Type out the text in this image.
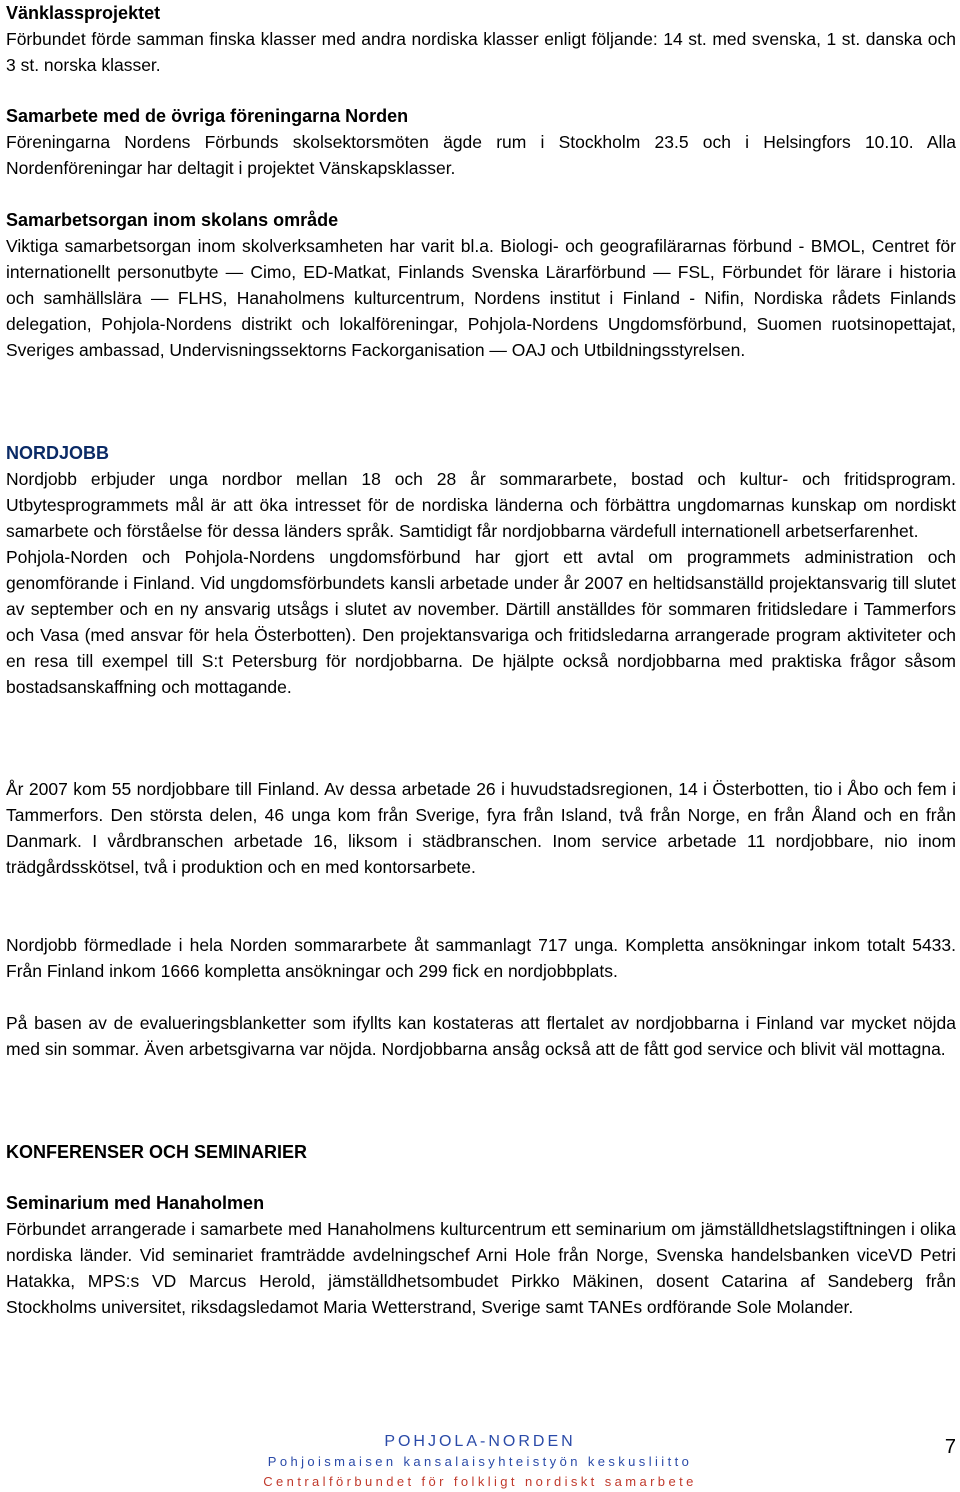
Vänklassprojektet

Förbundet förde samman finska klasser med andra nordiska klasser enligt följande: 14 st. med svenska, 1 st. danska och 3 st. norska klasser.

Samarbete med de övriga föreningarna Norden

Föreningarna Nordens Förbunds skolsektorsmöten ägde rum i Stockholm 23.5 och i Helsingfors 10.10. Alla Nordenföreningar har deltagit i projektet Vänskapsklasser.

Samarbetsorgan inom skolans område

Viktiga samarbetsorgan inom skolverksamheten har varit bl.a. Biologi- och geografilärarnas förbund - BMOL, Centret för internationellt personutbyte — Cimo, ED-Matkat, Finlands Svenska Lärarförbund — FSL, Förbundet för lärare i historia och samhällslära — FLHS, Hanaholmens kulturcentrum, Nordens institut i Finland - Nifin, Nordiska rådets Finlands delegation, Pohjola-Nordens distrikt och lokalföreningar, Pohjola-Nordens Ungdomsförbund, Suomen ruotsinopettajat, Sveriges ambassad, Undervisningssektorns Fackorganisation — OAJ och Utbildningsstyrelsen.

NORDJOBB

Nordjobb erbjuder unga nordbor mellan 18 och 28 år sommararbete, bostad och kultur- och fritidsprogram. Utbytesprogrammets mål är att öka intresset för de nordiska länderna och förbättra ungdomarnas kunskap om nordiskt samarbete och förståelse för dessa länders språk. Samtidigt får nordjobbarna värdefull internationell arbetserfarenhet.

Pohjola-Norden och Pohjola-Nordens ungdomsförbund har gjort ett avtal om programmets administration och genomförande i Finland. Vid ungdomsförbundets kansli arbetade under år 2007 en heltidsanställd projektansvarig till slutet av september och en ny ansvarig utsågs i slutet av november. Därtill anställdes för sommaren fritidsledare i Tammerfors och Vasa (med ansvar för hela Österbotten). Den projektansvariga och fritidsledarna arrangerade program aktiviteter och en resa till exempel till S:t Petersburg för nordjobbarna. De hjälpte också nordjobbarna med praktiska frågor såsom bostadsanskaffning och mottagande.

År 2007 kom 55 nordjobbare till Finland. Av dessa arbetade 26 i huvudstadsregionen, 14 i Österbotten, tio i Åbo och fem i Tammerfors. Den största delen, 46 unga kom från Sverige, fyra från Island, två från Norge, en från Åland och en från Danmark. I vårdbranschen arbetade 16, liksom i städbranschen. Inom service arbetade 11 nordjobbare, nio inom trädgårdsskötsel, två i produktion och en med kontorsarbete.

Nordjobb förmedlade i hela Norden sommararbete åt sammanlagt 717 unga. Kompletta ansökningar inkom totalt 5433. Från Finland inkom 1666 kompletta ansökningar och 299 fick en nordjobbplats.

På basen av de evalueringsblanketter som ifyllts kan kostateras att flertalet av nordjobbarna i Finland var mycket nöjda med sin sommar. Även arbetsgivarna var nöjda. Nordjobbarna ansåg också att de fått god service och blivit väl mottagna.

KONFERENSER OCH SEMINARIER

Seminarium med Hanaholmen

Förbundet arrangerade i samarbete med Hanaholmens kulturcentrum ett seminarium om jämställdhetslagstiftningen i olika nordiska länder. Vid seminariet framträdde avdelningschef Arni Hole från Norge, Svenska handelsbanken viceVD Petri Hatakka, MPS:s VD Marcus Herold, jämställdhetsombudet Pirkko Mäkinen, dosent Catarina af Sandeberg från Stockholms universitet, riksdagsledamot Maria Wetterstrand, Sverige samt TANEs ordförande Sole Molander.

POHJOLA-NORDEN
Pohjoismaisen kansalaisyhteistyön keskusliitto
Centralförbundet för folkligt nordiskt samarbete
7
